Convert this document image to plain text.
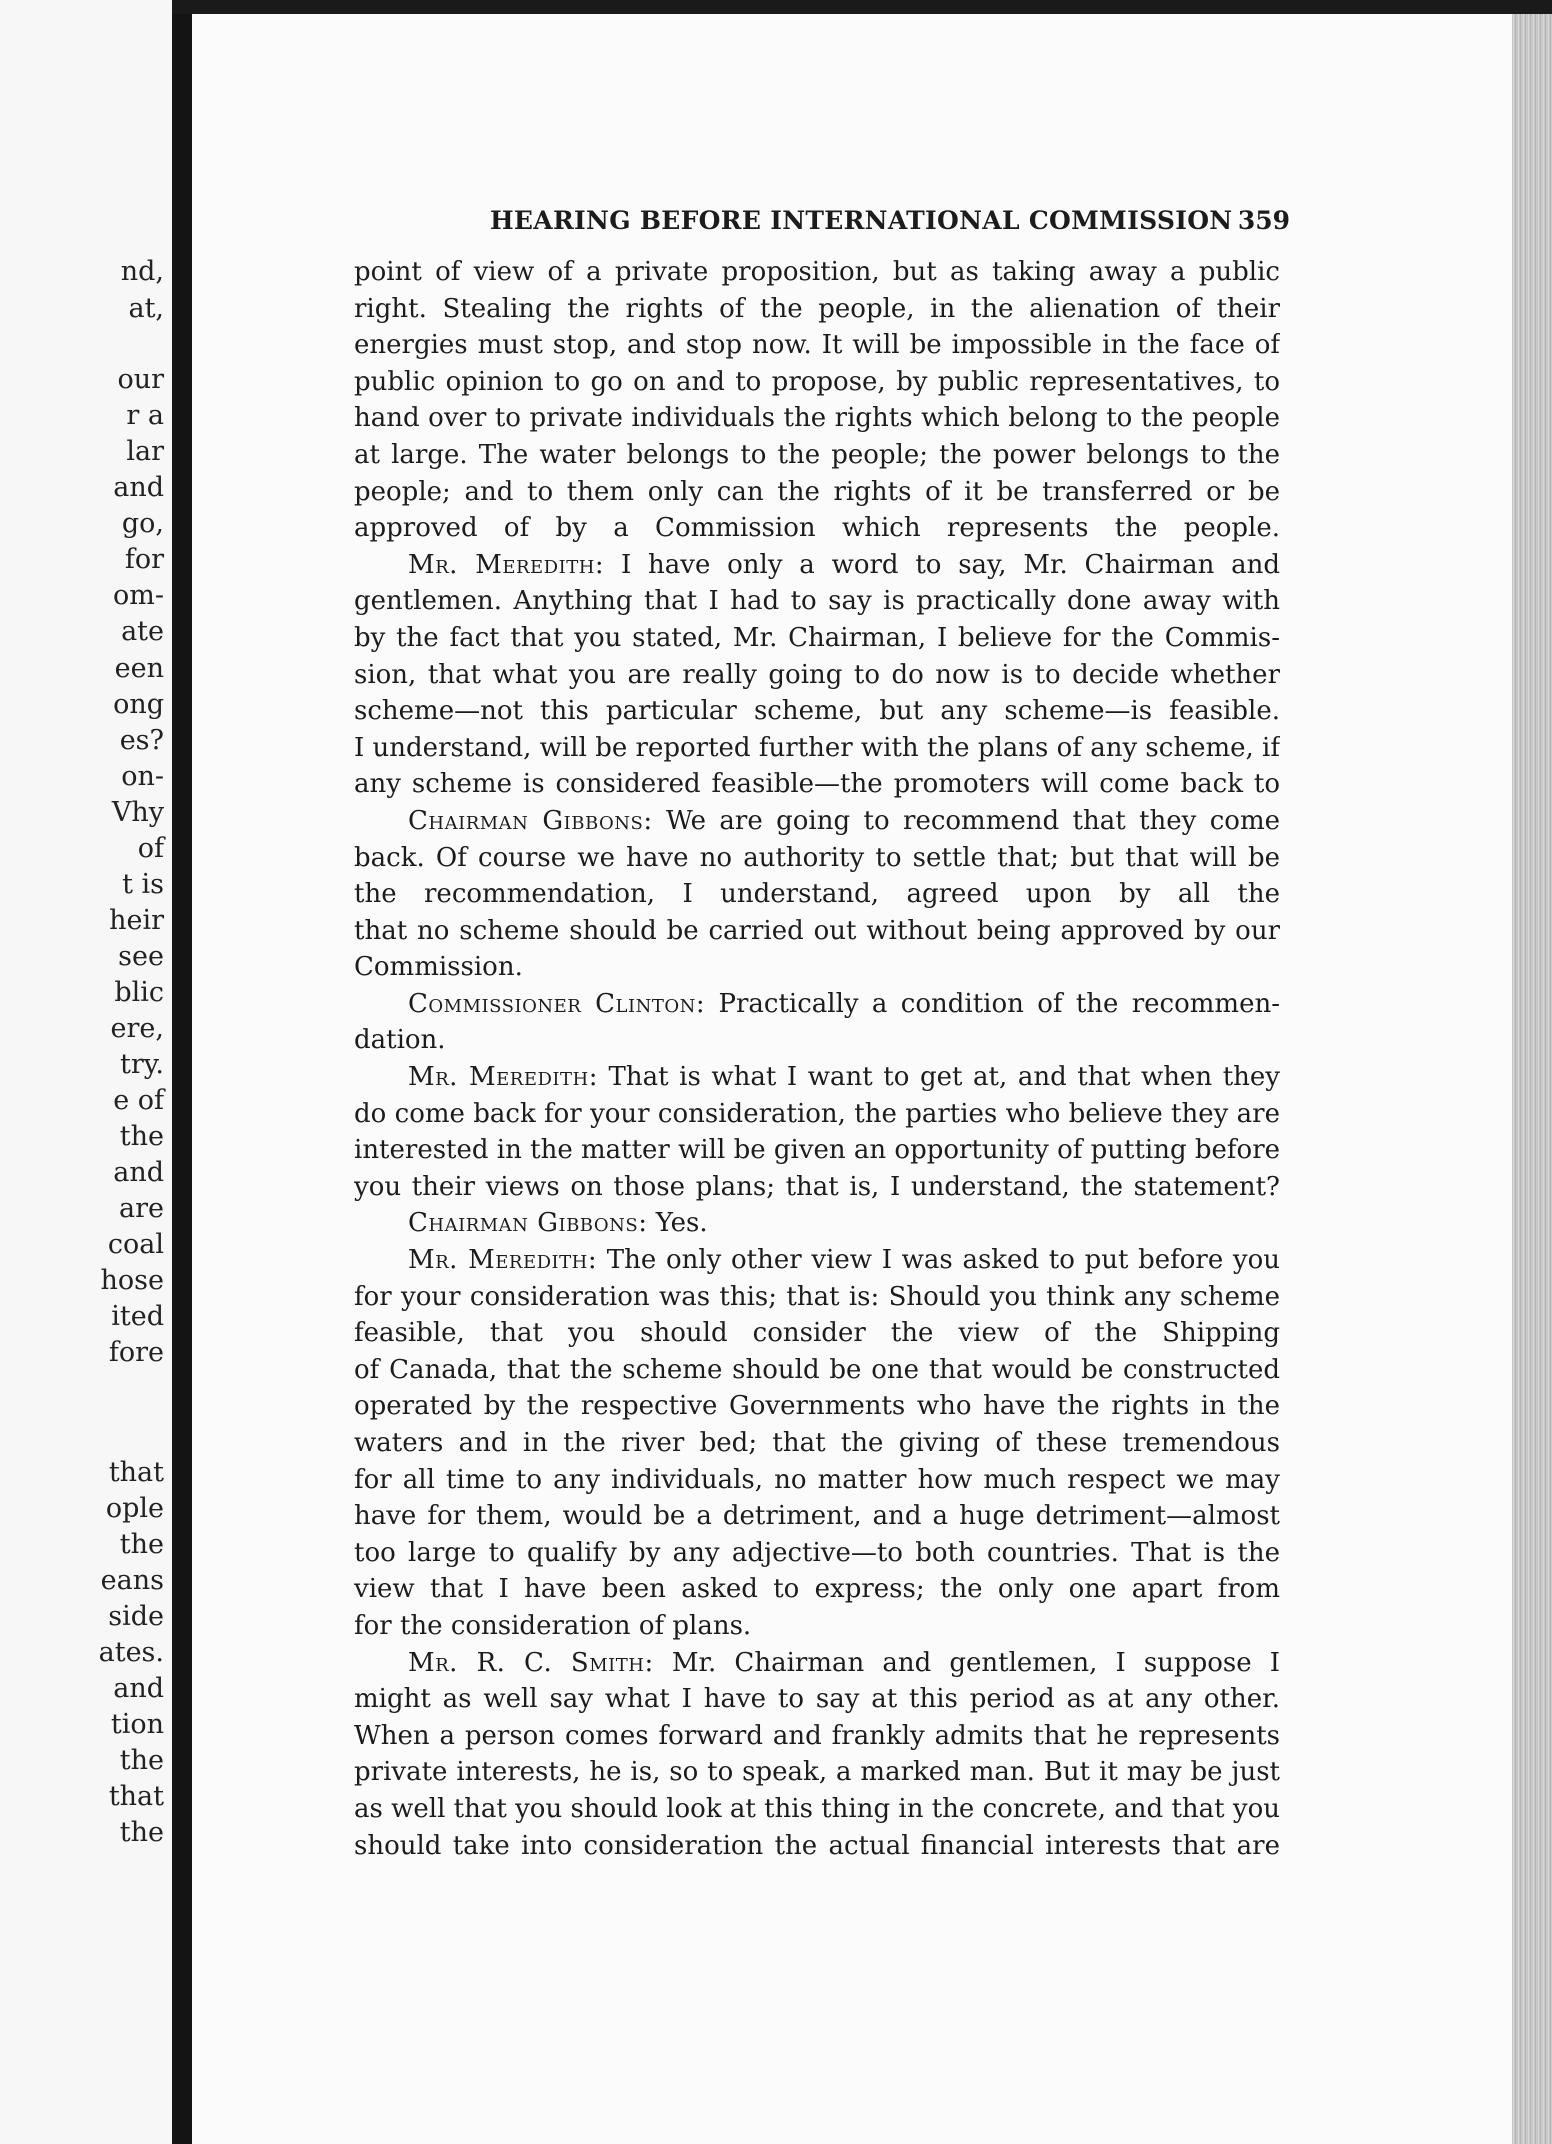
nd,
at,
our
r a
lar
and
go,
for
om-
ate
een
ong
es?
on-
Vhy
of
t is
heir
see
blic
ere,
try.
e of
the
and
are
coal
hose
ited
fore
that
ople
the
eans
side
ates.
and
tion
the
that
the
HEARING BEFORE INTERNATIONAL COMMISSION 359
point of view of a private proposition, but as taking away a public
right. Stealing the rights of the people, in the alienation of their
energies must stop, and stop now. It will be impossible in the face of
public opinion to go on and to propose, by public representatives, to
hand over to private individuals the rights which belong to the people
at large. The water belongs to the people; the power belongs to the
people; and to them only can the rights of it be transferred or be
approved of by a Commission which represents the people.
Mr. Meredith: I have only a word to say, Mr. Chairman and
gentlemen. Anything that I had to say is practically done away with
by the fact that you stated, Mr. Chairman, I believe for the Commis-
sion, that what you are really going to do now is to decide whether
scheme—not this particular scheme, but any scheme—is feasible.
I understand, will be reported further with the plans of any scheme, if
any scheme is considered feasible—the promoters will come back to
Chairman Gibbons: We are going to recommend that they come
back. Of course we have no authority to settle that; but that will be
the recommendation, I understand, agreed upon by all the
that no scheme should be carried out without being approved by our
Commission.
Commissioner Clinton: Practically a condition of the recommen-
dation.
Mr. Meredith: That is what I want to get at, and that when they
do come back for your consideration, the parties who believe they are
interested in the matter will be given an opportunity of putting before
you their views on those plans; that is, I understand, the statement?
Chairman Gibbons: Yes.
Mr. Meredith: The only other view I was asked to put before you
for your consideration was this; that is: Should you think any scheme
feasible, that you should consider the view of the Shipping
of Canada, that the scheme should be one that would be constructed
operated by the respective Governments who have the rights in the
waters and in the river bed; that the giving of these tremendous
for all time to any individuals, no matter how much respect we may
have for them, would be a detriment, and a huge detriment—almost
too large to qualify by any adjective—to both countries. That is the
view that I have been asked to express; the only one apart from
for the consideration of plans.
Mr. R. C. Smith: Mr. Chairman and gentlemen, I suppose I
might as well say what I have to say at this period as at any other.
When a person comes forward and frankly admits that he represents
private interests, he is, so to speak, a marked man. But it may be just
as well that you should look at this thing in the concrete, and that you
should take into consideration the actual financial interests that are
